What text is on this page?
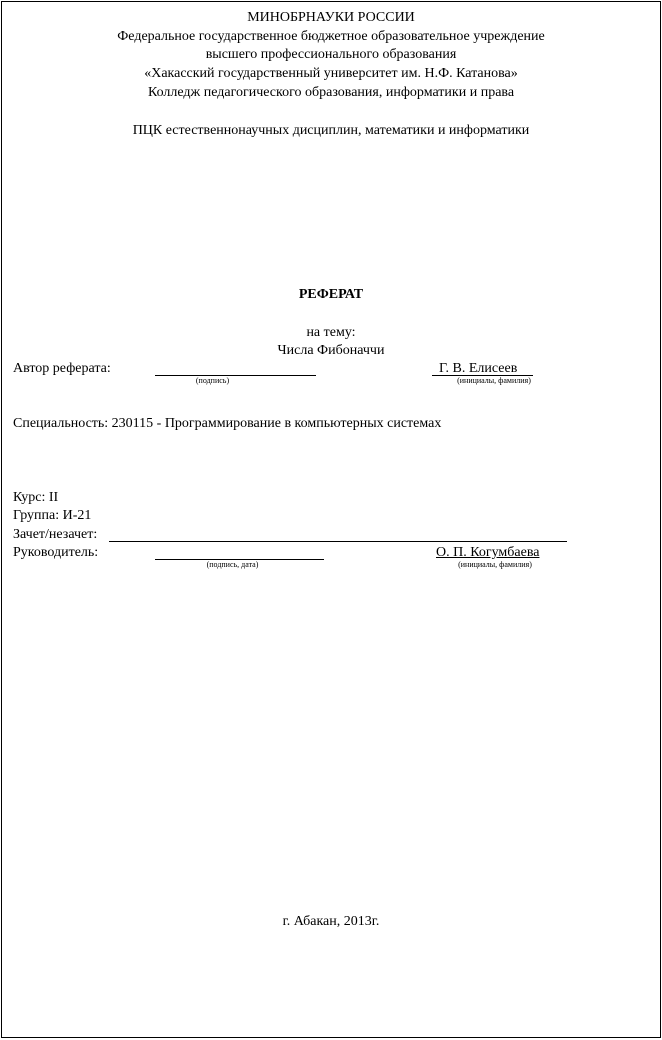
МИНОБРНАУКИ РОССИИ
Федеральное государственное бюджетное образовательное учреждение
высшего профессионального образования
«Хакасский государственный университет им. Н.Ф. Катанова»
Колледж педагогического образования, информатики и права
ПЦК естественнонаучных дисциплин, математики и информатики
РЕФЕРАТ
на тему:
Числа Фибоначчи
Автор реферата:
(подпись)
Г. В. Елисеев
(инициалы, фамилия)
Специальность: 230115 - Программирование в компьютерных системах
Курс: II
Группа: И-21
Зачет/незачет:
Руководитель:
(подпись, дата)
О. П. Когумбаева
(инициалы, фамилия)
г. Абакан, 2013г.
